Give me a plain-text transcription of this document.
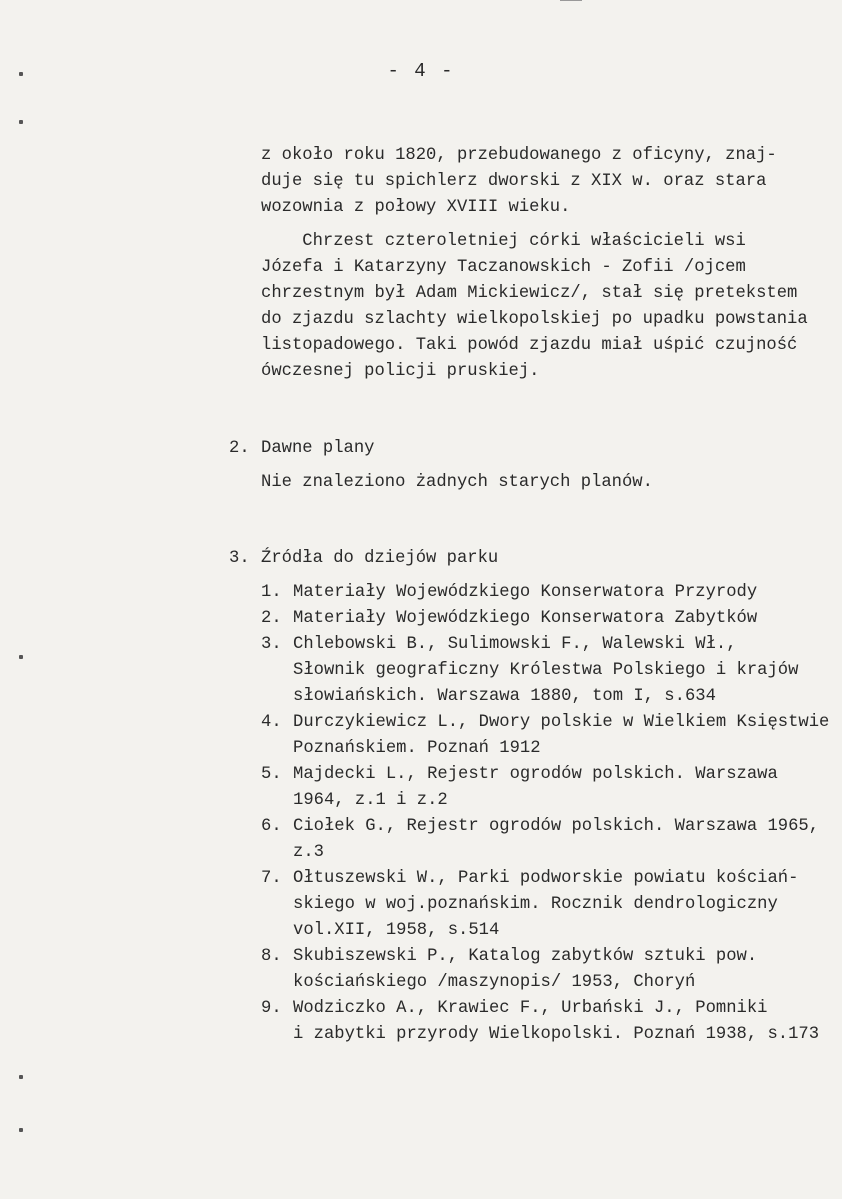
- 4 -
z około roku 1820, przebudowanego z oficyny, znaj-
duje się tu spichlerz dworski z XIX w. oraz stara
wozownia z połowy XVIII wieku.
Chrzest czteroletniej córki właścicieli wsi
Józefa i Katarzyny Taczanowskich - Zofii /ojcem
chrzestnym był Adam Mickiewicz/, stał się pretekstem
do zjazdu szlachty wielkopolskiej po upadku powstania
listopadowego. Taki powód zjazdu miał uśpić czujność
ówczesnej policji pruskiej.
2. Dawne plany
Nie znaleziono żadnych starych planów.
3. Źródła do dziejów parku
1. Materiały Wojewódzkiego Konserwatora Przyrody
2. Materiały Wojewódzkiego Konserwatora Zabytków
3. Chlebowski B., Sulimowski F., Walewski Wł.,
Słownik geograficzny Królestwa Polskiego i krajów
słowiańskich. Warszawa 1880, tom I, s.634
4. Durczykiewicz L., Dwory polskie w Wielkiem Księstwie
Poznańskiem. Poznań 1912
5. Majdecki L., Rejestr ogrodów polskich. Warszawa
1964, z.1 i z.2
6. Ciołek G., Rejestr ogrodów polskich. Warszawa 1965,
z.3
7. Ołtuszewski W., Parki podworskie powiatu kościań-
skiego w woj.poznańskim. Rocznik dendrologiczny
vol.XII, 1958, s.514
8. Skubiszewski P., Katalog zabytków sztuki pow.
kościańskiego /maszynopis/ 1953, Choryń
9. Wodziczko A., Krawiec F., Urbański J., Pomniki
i zabytki przyrody Wielkopolski. Poznań 1938, s.173
